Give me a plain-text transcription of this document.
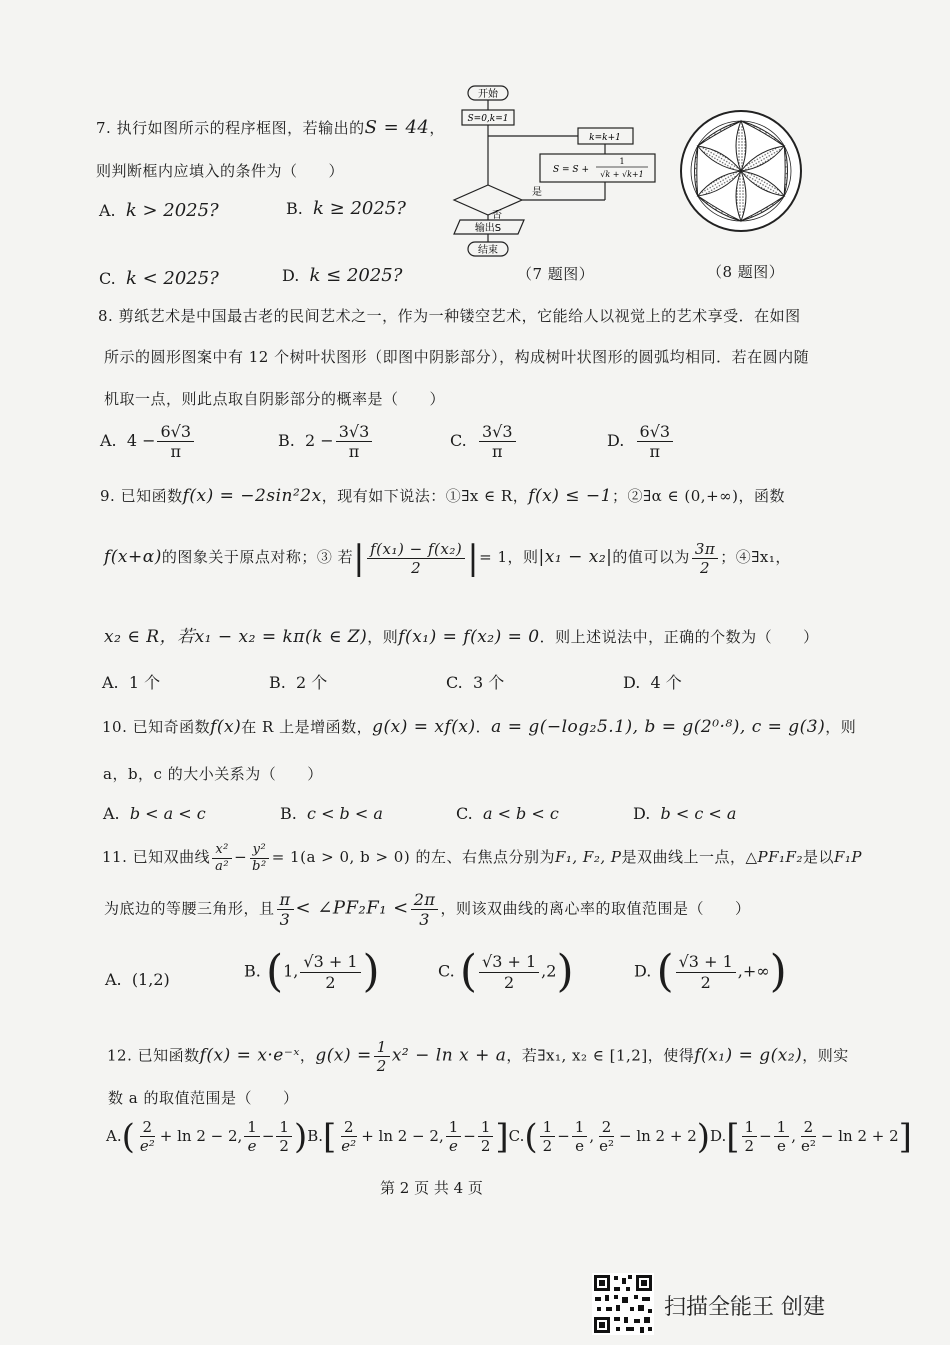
7. 执行如图所示的程序框图，若输出的S = 44，
则判断框内应填入的条件为（　　）
A. k > 2025?	B. k ≥ 2025?
C. k < 2025?	D. k ≤ 2025?
开始
S=0,k=1
k=k+1
S = S +
1
√k + √k+1
是
否
输出S
结束
（7 题图）	（8 题图）
8. 剪纸艺术是中国最古老的民间艺术之一，作为一种镂空艺术，它能给人以视觉上的艺术享受．在如图
所示的圆形图案中有 12 个树叶状图形（即图中阴影部分），构成树叶状图形的圆弧均相同．若在圆内随
机取一点，则此点取自阴影部分的概率是（　　）
A. $4 - \frac{6√3}{\pi}$	B. $2 - \frac{3√3}{\pi}$	C. $\frac{3√3}{\pi}$	D. $\frac{6√3}{\pi}$
9. 已知函数f(x) = −2sin²2x，现有如下说法：①∃x ∈ R，f(x) ≤ −1；②∃α ∈ (0,+∞)，函数
f(x+α)的图象关于原点对称；③ 若| $\frac{\text{f(x₁) − f(x₂)}}{2}$ |= 1，则|x₁ − x₂|的值可以为 $\frac{3\pi}{2}$ ；④∃x₁，
x₂ ∈ R，若x₁ − x₂ = kπ(k ∈ Z)，则f(x₁) = f(x₂) = 0．则上述说法中，正确的个数为（　　）
A. 1 个	B. 2 个	C. 3 个	D. 4 个
10. 已知奇函数f(x)在 R 上是增函数，g(x) = xf(x)．a = g(−log₂5.1), b = g(2⁰·⁸), c = g(3)，则
a，b，c 的大小关系为（　　）
A. b < a < c	B. c < b < a	C. a < b < c	D. b < c < a
11. 已知双曲线 $\frac{\text{x²}}{\text{a²}} - \frac{\text{y²}}{\text{b²}} = 1(a > 0$, b > 0) 的左、右焦点分别为F₁, F₂, P是双曲线上一点，△PF₁F₂是以F₁P
为底边的等腰三角形，且 $\frac{\pi}{3}$ < ∠PF₂F₁ < $\frac{2\pi}{3}$ ，则该双曲线的离心率的取值范围是（　　）
A. (1,2)	B. (1, $\frac{√3 + 1}{2}$ )	C. ( $\frac{√3 + 1}{2} ,2$)	D. ( $\frac{√3 + 1}{2}$ ,+∞)
12. 已知函数f(x) = x·e⁻ˣ，$g(x) = \frac{1}{2} x^2 - \ln x + a$，若∃x₁, x₂ ∈ [1,2]，使得f(x₁) = g(x₂)，则实
数 a 的取值范围是（　　）
$A.( \frac{2}{\text{e²}} + \ln 2 - 2$, $\frac{1}{e} - \frac{1}{2} )B.[ \frac{2}{\text{e²}} + \ln 2 - 2$, $\frac{1}{e} - \frac{1}{2} ]C.( \frac{1}{2} - \frac{1}{e}$ , $\frac{2}{\text{e²}} - \ln 2 + 2)D.[ \frac{1}{2} - \frac{1}{e}$ , $\frac{2}{\text{e²}} - \ln 2 + 2$]
第 2 页 共 4 页
扫描全能王 创建
